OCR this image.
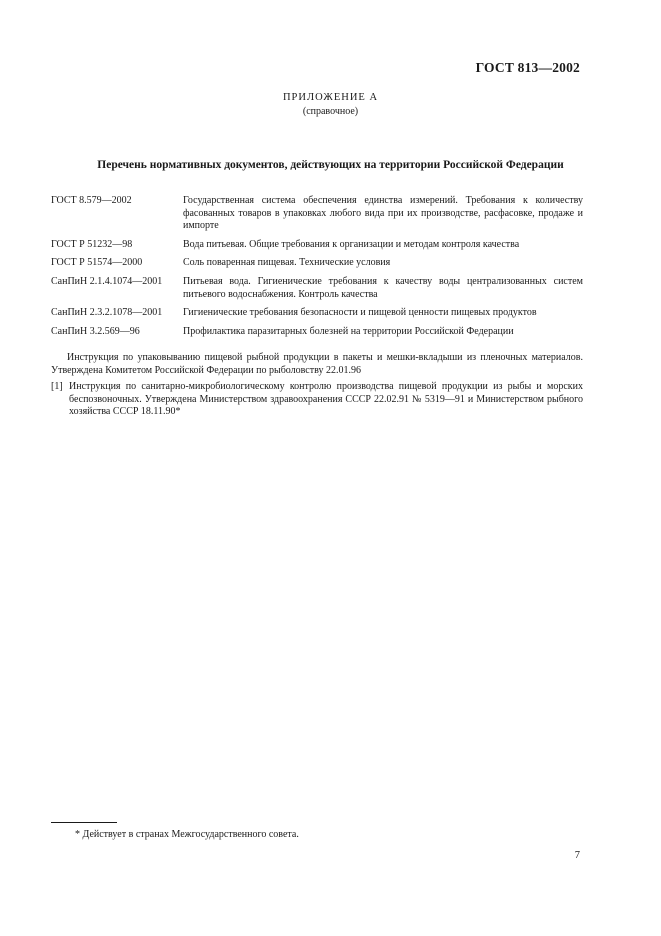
ГОСТ 813—2002
ПРИЛОЖЕНИЕ А
(справочное)
Перечень нормативных документов, действующих на территории Российской Федерации
ГОСТ 8.579—2002	Государственная система обеспечения единства измерений. Требования к количеству фасованных товаров в упаковках любого вида при их производстве, расфасовке, продаже и импорте
ГОСТ Р 51232—98	Вода питьевая. Общие требования к организации и методам контроля качества
ГОСТ Р 51574—2000	Соль поваренная пищевая. Технические условия
СанПиН 2.1.4.1074—2001	Питьевая вода. Гигиенические требования к качеству воды централизованных систем питьевого водоснабжения. Контроль качества
СанПиН 2.3.2.1078—2001	Гигиенические требования безопасности и пищевой ценности пищевых продуктов
СанПиН 3.2.569—96	Профилактика паразитарных болезней на территории Российской Федерации
Инструкция по упаковыванию пищевой рыбной продукции в пакеты и мешки-вкладыши из пленочных материалов. Утверждена Комитетом Российской Федерации по рыболовству 22.01.96
[1] Инструкция по санитарно-микробиологическому контролю производства пищевой продукции из рыбы и морских беспозвоночных. Утверждена Министерством здравоохранения СССР 22.02.91 № 5319—91 и Министерством рыбного хозяйства СССР 18.11.90*
* Действует в странах Межгосударственного совета.
7
